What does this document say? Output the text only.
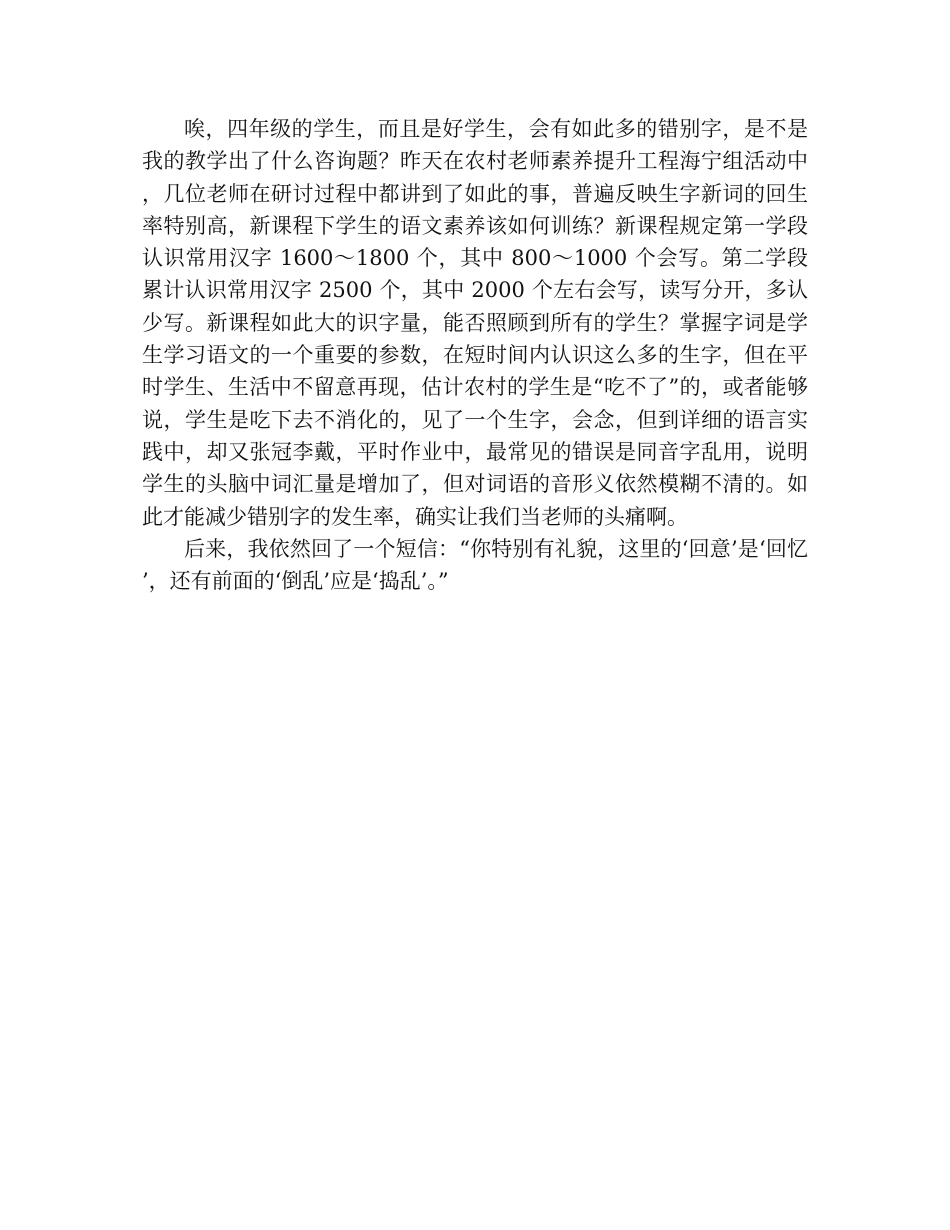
唉，四年级的学生，而且是好学生，会有如此多的错别字，是不是我的教学出了什么咨询题？昨天在农村老师素养提升工程海宁组活动中，几位老师在研讨过程中都讲到了如此的事，普遍反映生字新词的回生率特别高，新课程下学生的语文素养该如何训练？新课程规定第一学段认识常用汉字 1600～1800 个，其中 800～1000 个会写。第二学段累计认识常用汉字 2500 个，其中 2000 个左右会写，读写分开，多认少写。新课程如此大的识字量，能否照顾到所有的学生？掌握字词是学生学习语文的一个重要的参数，在短时间内认识这么多的生字，但在平时学生、生活中不留意再现，估计农村的学生是“吃不了”的，或者能够说，学生是吃下去不消化的，见了一个生字，会念，但到详细的语言实践中，却又张冠李戴，平时作业中，最常见的错误是同音字乱用，说明学生的头脑中词汇量是增加了，但对词语的音形义依然模糊不清的。如此才能减少错别字的发生率，确实让我们当老师的头痛啊。

后来，我依然回了一个短信：“你特别有礼貌，这里的‘回意’是‘回忆’，还有前面的‘倒乱’应是‘捣乱’。”
